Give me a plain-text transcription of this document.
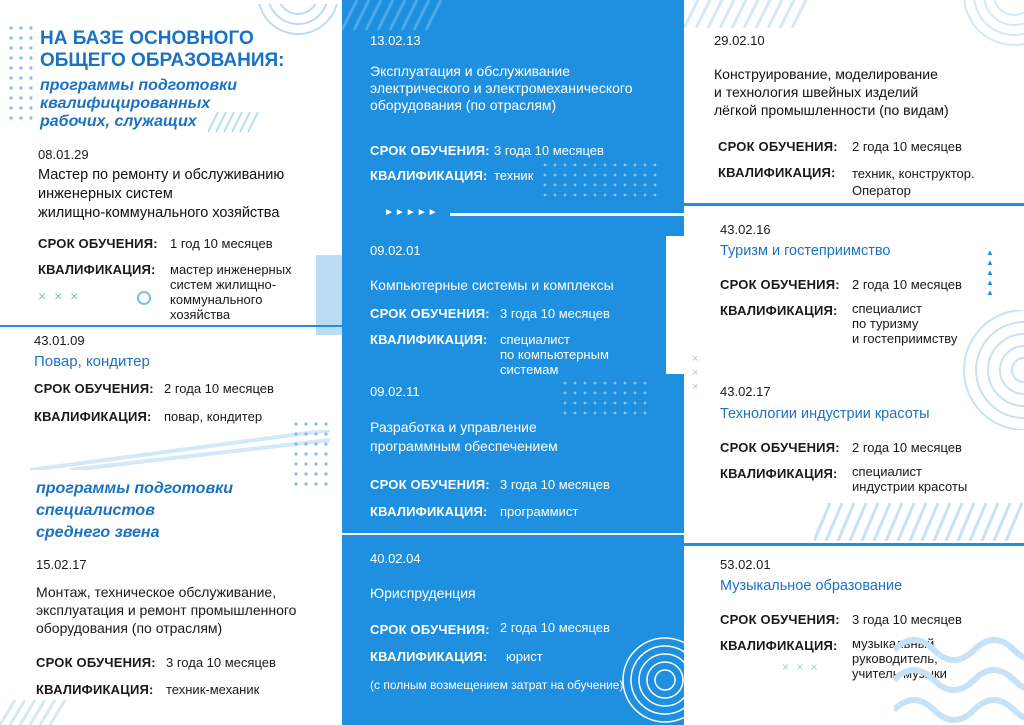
НА БАЗЕ ОСНОВНОГО
ОБЩЕГО ОБРАЗОВАНИЯ:
программы подготовки
квалифицированных
рабочих, служащих
08.01.29
Мастер по ремонту и обслуживанию
инженерных систем
жилищно-коммунального хозяйства
СРОК ОБУЧЕНИЯ: 1 год 10 месяцев
КВАЛИФИКАЦИЯ: мастер инженерных
систем жилищно-
коммунального
хозяйства
× × ×
43.01.09
Повар, кондитер
СРОК ОБУЧЕНИЯ: 2 года 10 месяцев
КВАЛИФИКАЦИЯ: повар, кондитер
программы подготовки
специалистов
среднего звена
15.02.17
Монтаж, техническое обслуживание,
эксплуатация и ремонт промышленного
оборудования (по отраслям)
СРОК ОБУЧЕНИЯ: 3 года 10 месяцев
КВАЛИФИКАЦИЯ: техник-механик
13.02.13
Эксплуатация и обслуживание
электрического и электромеханического
оборудования (по отраслям)
СРОК ОБУЧЕНИЯ: 3 года 10 месяцев
КВАЛИФИКАЦИЯ: техник
►►►►►
09.02.01
Компьютерные системы и комплексы
СРОК ОБУЧЕНИЯ: 3 года 10 месяцев
КВАЛИФИКАЦИЯ: специалист
по компьютерным
системам
09.02.11
Разработка и управление
программным обеспечением
СРОК ОБУЧЕНИЯ: 3 года 10 месяцев
КВАЛИФИКАЦИЯ: программист
40.02.04
Юриспруденция
СРОК ОБУЧЕНИЯ: 2 года 10 месяцев
КВАЛИФИКАЦИЯ: юрист
(с полным возмещением затрат на обучение)
29.02.10
Конструирование, моделирование
и технология швейных изделий
лёгкой промышленности (по видам)
СРОК ОБУЧЕНИЯ: 2 года 10 месяцев
КВАЛИФИКАЦИЯ: техник, конструктор.
Оператор
43.02.16
Туризм и гостеприимство
СРОК ОБУЧЕНИЯ: 2 года 10 месяцев
КВАЛИФИКАЦИЯ: специалист
по туризму
и гостеприимству
▲
▲
▲
▲
▲
× × × 43.02.17
Технологии индустрии красоты
СРОК ОБУЧЕНИЯ: 2 года 10 месяцев
КВАЛИФИКАЦИЯ: специалист
индустрии красоты
53.02.01
Музыкальное образование
СРОК ОБУЧЕНИЯ: 3 года 10 месяцев
КВАЛИФИКАЦИЯ: музыкальный
руководитель,
учитель музыки
× × ×
